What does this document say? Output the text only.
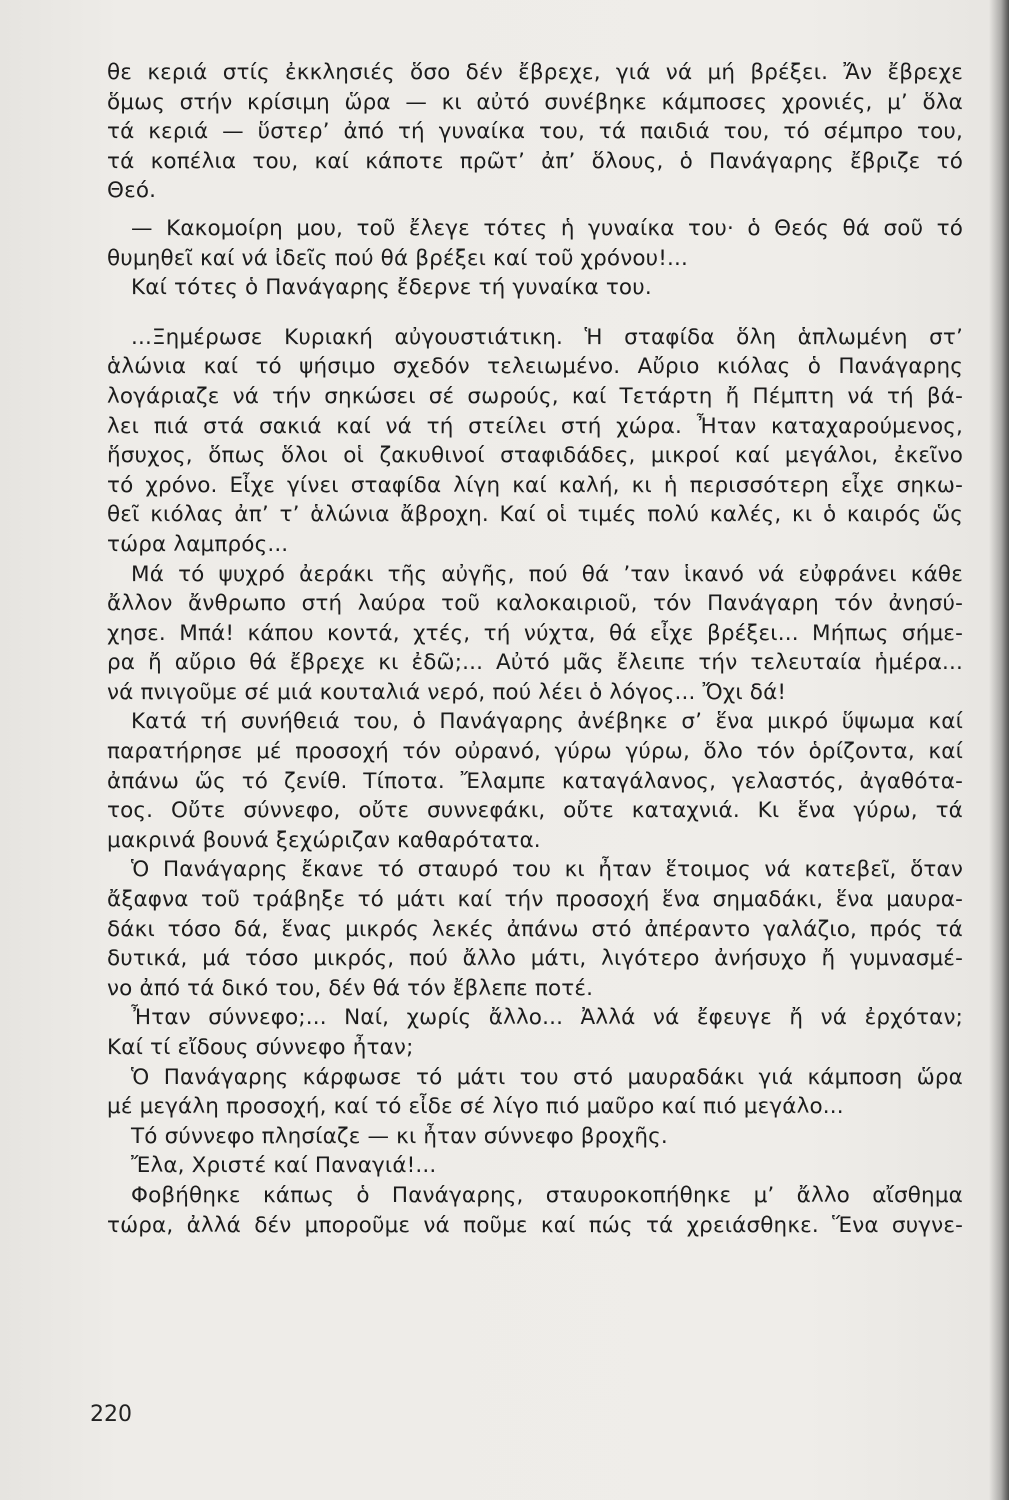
θε κεριά στίς ἐκκλησιές ὅσο δέν ἔβρεχε, γιά νά μή βρέξει. Ἄν ἔβρεχε
ὅμως στήν κρίσιμη ὥρα — κι αὐτό συνέβηκε κάμποσες χρονιές, μ’ ὅλα
τά κεριά — ὕστερ’ ἀπό τή γυναίκα του, τά παιδιά του, τό σέμπρο του,
τά κοπέλια του, καί κάποτε πρῶτ’ ἀπ’ ὅλους, ὁ Πανάγαρης ἔβριζε τό
Θεό.
— Κακομοίρη μου, τοῦ ἔλεγε τότες ἡ γυναίκα του· ὁ Θεός θά σοῦ τό
θυμηθεῖ καί νά ἰδεῖς πού θά βρέξει καί τοῦ χρόνου!...
Καί τότες ὁ Πανάγαρης ἔδερνε τή γυναίκα του.
...Ξημέρωσε Κυριακή αὐγουστιάτικη. Ἡ σταφίδα ὅλη ἁπλωμένη στ’
ἁλώνια καί τό ψήσιμο σχεδόν τελειωμένο. Αὔριο κιόλας ὁ Πανάγαρης
λογάριαζε νά τήν σηκώσει σέ σωρούς, καί Τετάρτη ἤ Πέμπτη νά τή βά-
λει πιά στά σακιά καί νά τή στείλει στή χώρα. Ἦταν καταχαρούμενος,
ἥσυχος, ὅπως ὅλοι οἱ ζακυθινοί σταφιδάδες, μικροί καί μεγάλοι, ἐκεῖνο
τό χρόνο. Εἶχε γίνει σταφίδα λίγη καί καλή, κι ἡ περισσότερη εἶχε σηκω-
θεῖ κιόλας ἀπ’ τ’ ἁλώνια ἄβροχη. Καί οἱ τιμές πολύ καλές, κι ὁ καιρός ὥς
τώρα λαμπρός...
Μά τό ψυχρό ἀεράκι τῆς αὐγῆς, πού θά ’ταν ἱκανό νά εὐφράνει κάθε
ἄλλον ἄνθρωπο στή λαύρα τοῦ καλοκαιριοῦ, τόν Πανάγαρη τόν ἀνησύ-
χησε. Μπά! κάπου κοντά, χτές, τή νύχτα, θά εἶχε βρέξει... Μήπως σήμε-
ρα ἤ αὔριο θά ἔβρεχε κι ἐδῶ;... Αὐτό μᾶς ἔλειπε τήν τελευταία ἡμέρα...
νά πνιγοῦμε σέ μιά κουταλιά νερό, πού λέει ὁ λόγος... Ὄχι δά!
Κατά τή συνήθειά του, ὁ Πανάγαρης ἀνέβηκε σ’ ἕνα μικρό ὕψωμα καί
παρατήρησε μέ προσοχή τόν οὐρανό, γύρω γύρω, ὅλο τόν ὁρίζοντα, καί
ἀπάνω ὥς τό ζενίθ. Τίποτα. Ἔλαμπε καταγάλανος, γελαστός, ἀγαθότα-
τος. Οὔτε σύννεφο, οὔτε συννεφάκι, οὔτε καταχνιά. Κι ἕνα γύρω, τά
μακρινά βουνά ξεχώριζαν καθαρότατα.
Ὁ Πανάγαρης ἔκανε τό σταυρό του κι ἦταν ἕτοιμος νά κατεβεῖ, ὅταν
ἄξαφνα τοῦ τράβηξε τό μάτι καί τήν προσοχή ἕνα σημαδάκι, ἕνα μαυρα-
δάκι τόσο δά, ἕνας μικρός λεκές ἀπάνω στό ἀπέραντο γαλάζιο, πρός τά
δυτικά, μά τόσο μικρός, πού ἄλλο μάτι, λιγότερο ἀνήσυχο ἤ γυμνασμέ-
νο ἀπό τά δικό του, δέν θά τόν ἔβλεπε ποτέ.
Ἦταν σύννεφο;... Ναί, χωρίς ἄλλο... Ἀλλά νά ἔφευγε ἤ νά ἐρχόταν;
Καί τί εἴδους σύννεφο ἦταν;
Ὁ Πανάγαρης κάρφωσε τό μάτι του στό μαυραδάκι γιά κάμποση ὥρα
μέ μεγάλη προσοχή, καί τό εἶδε σέ λίγο πιό μαῦρο καί πιό μεγάλο...
Τό σύννεφο πλησίαζε — κι ἦταν σύννεφο βροχῆς.
Ἔλα, Χριστέ καί Παναγιά!...
Φοβήθηκε κάπως ὁ Πανάγαρης, σταυροκοπήθηκε μ’ ἄλλο αἴσθημα
τώρα, ἀλλά δέν μποροῦμε νά ποῦμε καί πώς τά χρειάσθηκε. Ἕνα συγνε-
220
